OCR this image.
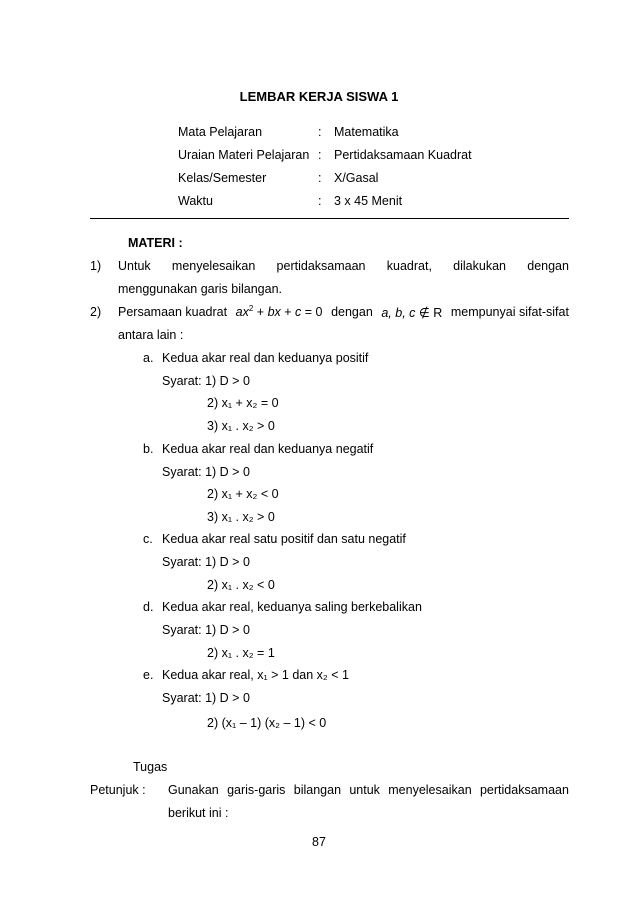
LEMBAR KERJA SISWA 1
Mata Pelajaran	: Matematika
Uraian Materi Pelajaran : Pertidaksamaan Kuadrat
Kelas/Semester	: X/Gasal
Waktu	: 3 x 45 Menit
MATERI :
1) Untuk menyelesaikan pertidaksamaan kuadrat, dilakukan dengan
menggunakan garis bilangan.
2) Persamaan kuadrat $ax^2$ + bx + c = 0 dengan a, b, c ∉ R mempunyai sifat-sifat
antara lain :
a. Kedua akar real dan keduanya positif
Syarat: 1) D > 0
2) x₁ + x₂ = 0
3) x₁ . x₂ > 0
b. Kedua akar real dan keduanya negatif
Syarat: 1) D > 0
2) x₁ + x₂ < 0
3) x₁ . x₂ > 0
c. Kedua akar real satu positif dan satu negatif
Syarat: 1) D > 0
2) x₁ . x₂ < 0
d. Kedua akar real, keduanya saling berkebalikan
Syarat: 1) D > 0
2) x₁ . x₂ = 1
e. Kedua akar real, x₁ > 1 dan x₂ < 1
Syarat: 1) D > 0
2) (x₁ – 1) (x₂ – 1) < 0
Tugas
Petunjuk : Gunakan garis-garis bilangan untuk menyelesaikan pertidaksamaan
berikut ini :
87
